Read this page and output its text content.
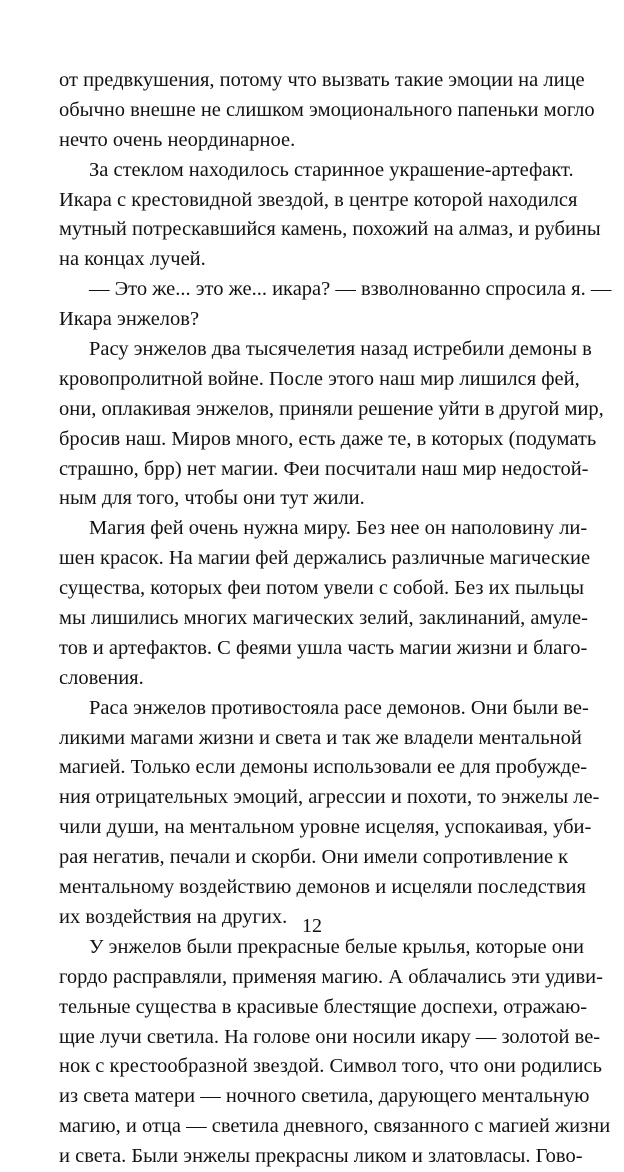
от предвкушения, потому что вызвать такие эмоции на лице
обычно внешне не слишком эмоционального папеньки могло
нечто очень неординарное.
За стеклом находилось старинное украшение-артефакт.
Икара с крестовидной звездой, в центре которой находился
мутный потрескавшийся камень, похожий на алмаз, и рубины
на концах лучей.
— Это же... это же... икара? — взволнованно спросила я. —
Икара энжелов?
Расу энжелов два тысячелетия назад истребили демоны в
кровопролитной войне. После этого наш мир лишился фей,
они, оплакивая энжелов, приняли решение уйти в другой мир,
бросив наш. Миров много, есть даже те, в которых (подумать
страшно, брр) нет магии. Феи посчитали наш мир недостой-
ным для того, чтобы они тут жили.
Магия фей очень нужна миру. Без нее он наполовину ли-
шен красок. На магии фей держались различные магические
существа, которых феи потом увели с собой. Без их пыльцы
мы лишились многих магических зелий, заклинаний, амуле-
тов и артефактов. С феями ушла часть магии жизни и благо-
словения.
Раса энжелов противостояла расе демонов. Они были ве-
ликими магами жизни и света и так же владели ментальной
магией. Только если демоны использовали ее для пробужде-
ния отрицательных эмоций, агрессии и похоти, то энжелы ле-
чили души, на ментальном уровне исцеляя, успокаивая, уби-
рая негатив, печали и скорби. Они имели сопротивление к
ментальному воздействию демонов и исцеляли последствия
их воздействия на других.
У энжелов были прекрасные белые крылья, которые они
гордо расправляли, применяя магию. А облачались эти удиви-
тельные существа в красивые блестящие доспехи, отражаю-
щие лучи светила. На голове они носили икару — золотой ве-
нок с крестообразной звездой. Символ того, что они родились
из света матери — ночного светила, дарующего ментальную
магию, и отца — светила дневного, связанного с магией жизни
и света. Были энжелы прекрасны ликом и златовласы. Гово-
12
